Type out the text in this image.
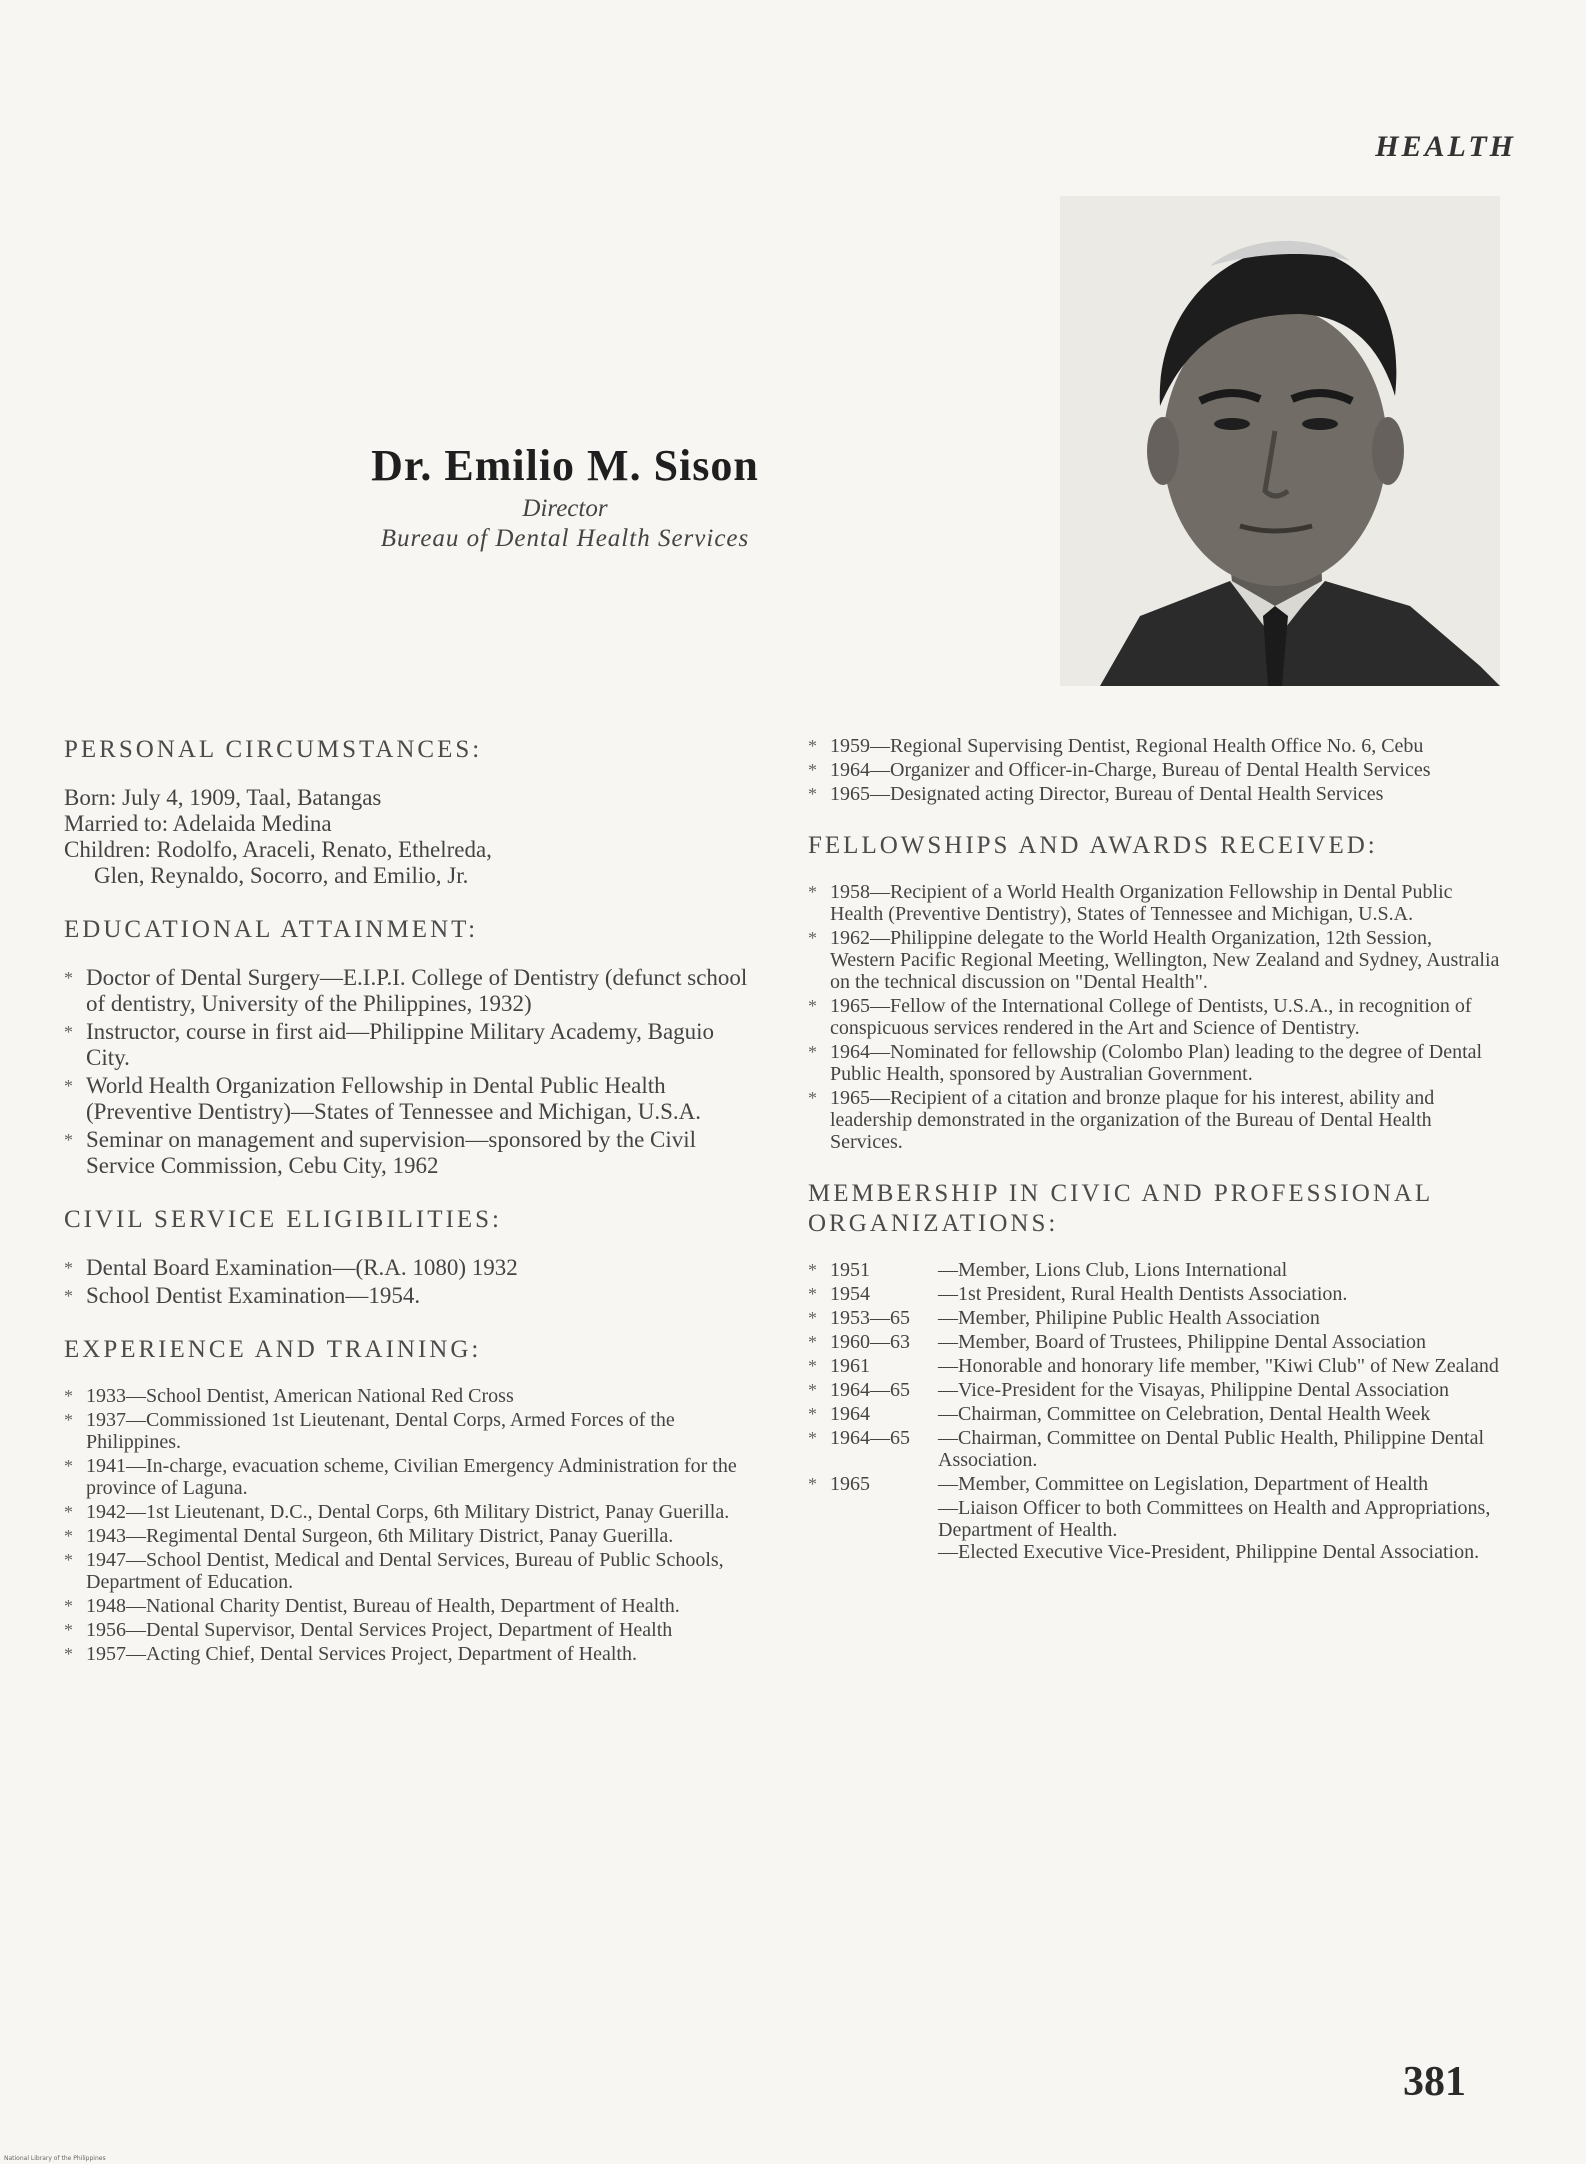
HEALTH
Dr. Emilio M. Sison
Director
Bureau of Dental Health Services
PERSONAL CIRCUMSTANCES:
Born: July 4, 1909, Taal, Batangas
Married to: Adelaida Medina
Children: Rodolfo, Araceli, Renato, Ethelreda,
Glen, Reynaldo, Socorro, and Emilio, Jr.
EDUCATIONAL ATTAINMENT:
* Doctor of Dental Surgery—E.I.P.I. College of Dentistry (defunct school of dentistry, University of the Philippines, 1932)
* Instructor, course in first aid—Philippine Military Academy, Baguio City.
* World Health Organization Fellowship in Dental Public Health (Preventive Dentistry)—States of Tennessee and Michigan, U.S.A.
* Seminar on management and supervision—sponsored by the Civil Service Commission, Cebu City, 1962
CIVIL SERVICE ELIGIBILITIES:
* Dental Board Examination—(R.A. 1080) 1932
* School Dentist Examination—1954.
EXPERIENCE AND TRAINING:
* 1933—School Dentist, American National Red Cross
* 1937—Commissioned 1st Lieutenant, Dental Corps, Armed Forces of the Philippines.
* 1941—In-charge, evacuation scheme, Civilian Emergency Administration for the province of Laguna.
* 1942—1st Lieutenant, D.C., Dental Corps, 6th Military District, Panay Guerilla.
* 1943—Regimental Dental Surgeon, 6th Military District, Panay Guerilla.
* 1947—School Dentist, Medical and Dental Services, Bureau of Public Schools, Department of Education.
* 1948—National Charity Dentist, Bureau of Health, Department of Health.
* 1956—Dental Supervisor, Dental Services Project, Department of Health
* 1957—Acting Chief, Dental Services Project, Department of Health.
* 1959—Regional Supervising Dentist, Regional Health Office No. 6, Cebu
* 1964—Organizer and Officer-in-Charge, Bureau of Dental Health Services
* 1965—Designated acting Director, Bureau of Dental Health Services
FELLOWSHIPS AND AWARDS RECEIVED:
* 1958—Recipient of a World Health Organization Fellowship in Dental Public Health (Preventive Dentistry), States of Tennessee and Michigan, U.S.A.
* 1962—Philippine delegate to the World Health Organization, 12th Session, Western Pacific Regional Meeting, Wellington, New Zealand and Sydney, Australia on the technical discussion on "Dental Health".
* 1965—Fellow of the International College of Dentists, U.S.A., in recognition of conspicuous services rendered in the Art and Science of Dentistry.
* 1964—Nominated for fellowship (Colombo Plan) leading to the degree of Dental Public Health, sponsored by Australian Government.
* 1965—Recipient of a citation and bronze plaque for his interest, ability and leadership demonstrated in the organization of the Bureau of Dental Health Services.
MEMBERSHIP IN CIVIC AND PROFESSIONAL ORGANIZATIONS:
* 1951	—Member, Lions Club, Lions International
* 1954	—1st President, Rural Health Dentists Association.
* 1953—65	—Member, Philipine Public Health Association
* 1960—63	—Member, Board of Trustees, Philippine Dental Association
* 1961	—Honorable and honorary life member, "Kiwi Club" of New Zealand
* 1964—65	—Vice-President for the Visayas, Philippine Dental Association
* 1964	—Chairman, Committee on Celebration, Dental Health Week
* 1964—65	—Chairman, Committee on Dental Public Health, Philippine Dental Association.
* 1965	—Member, Committee on Legislation, Department of Health
—Liaison Officer to both Committees on Health and Appropriations, Department of Health.
—Elected Executive Vice-President, Philippine Dental Association.
381
National Library of the Philippines
